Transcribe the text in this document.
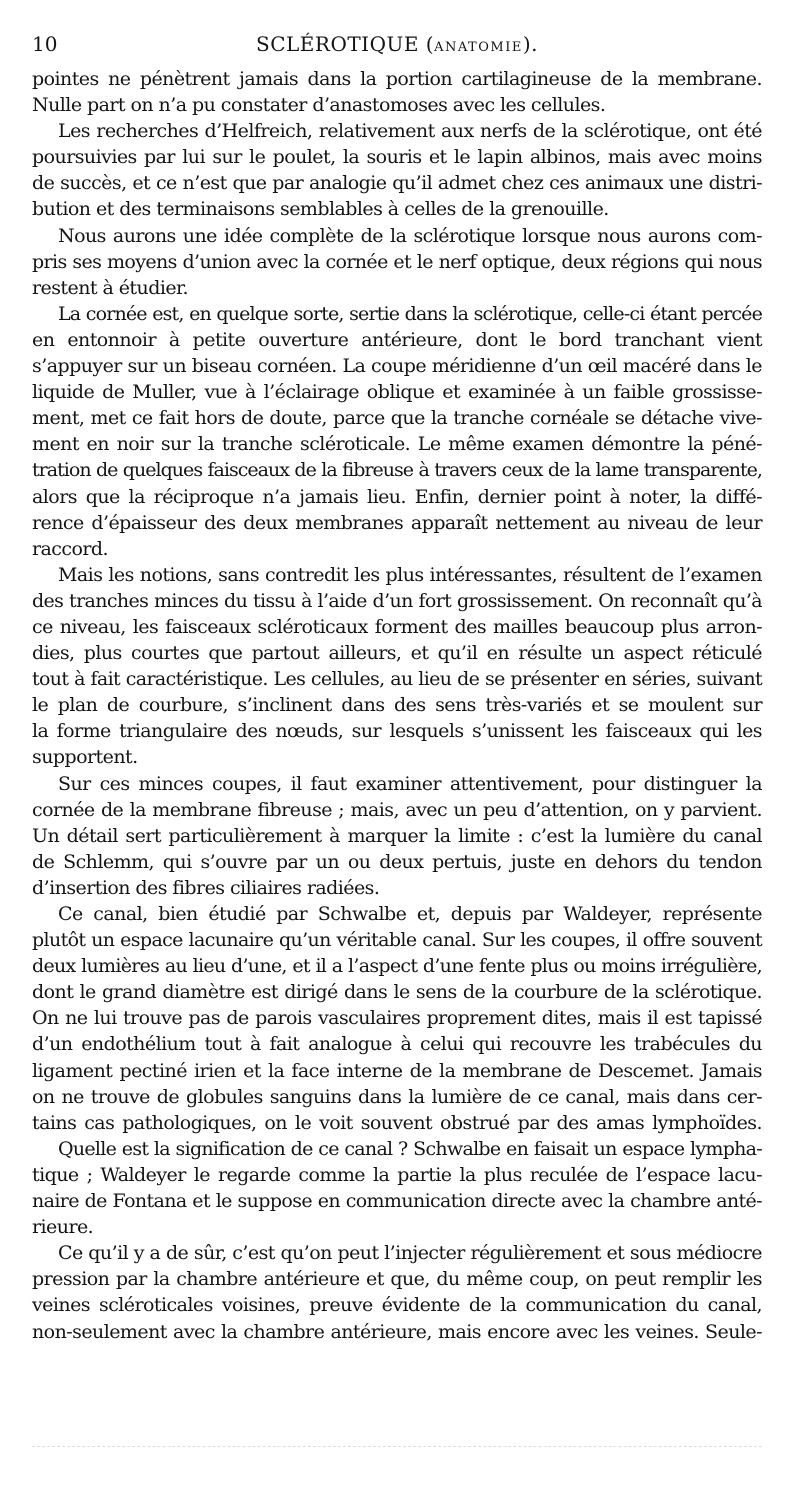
10	SCLÉROTIQUE (ANATOMIE).
pointes ne pénètrent jamais dans la portion cartilagineuse de la membrane.
Nulle part on n’a pu constater d’anastomoses avec les cellules.
Les recherches d’Helfreich, relativement aux nerfs de la sclérotique, ont été
poursuivies par lui sur le poulet, la souris et le lapin albinos, mais avec moins
de succès, et ce n’est que par analogie qu’il admet chez ces animaux une distri-
bution et des terminaisons semblables à celles de la grenouille.
Nous aurons une idée complète de la sclérotique lorsque nous aurons com-
pris ses moyens d’union avec la cornée et le nerf optique, deux régions qui nous
restent à étudier.
La cornée est, en quelque sorte, sertie dans la sclérotique, celle-ci étant percée
en entonnoir à petite ouverture antérieure, dont le bord tranchant vient
s’appuyer sur un biseau cornéen. La coupe méridienne d’un œil macéré dans le
liquide de Muller, vue à l’éclairage oblique et examinée à un faible grossisse-
ment, met ce fait hors de doute, parce que la tranche cornéale se détache vive-
ment en noir sur la tranche scléroticale. Le même examen démontre la péné-
tration de quelques faisceaux de la fibreuse à travers ceux de la lame transparente,
alors que la réciproque n’a jamais lieu. Enfin, dernier point à noter, la diffé-
rence d’épaisseur des deux membranes apparaît nettement au niveau de leur
raccord.
Mais les notions, sans contredit les plus intéressantes, résultent de l’examen
des tranches minces du tissu à l’aide d’un fort grossissement. On reconnaît qu’à
ce niveau, les faisceaux scléroticaux forment des mailles beaucoup plus arron-
dies, plus courtes que partout ailleurs, et qu’il en résulte un aspect réticulé
tout à fait caractéristique. Les cellules, au lieu de se présenter en séries, suivant
le plan de courbure, s’inclinent dans des sens très-variés et se moulent sur
la forme triangulaire des nœuds, sur lesquels s’unissent les faisceaux qui les
supportent.
Sur ces minces coupes, il faut examiner attentivement, pour distinguer la
cornée de la membrane fibreuse ; mais, avec un peu d’attention, on y parvient.
Un détail sert particulièrement à marquer la limite : c’est la lumière du canal
de Schlemm, qui s’ouvre par un ou deux pertuis, juste en dehors du tendon
d’insertion des fibres ciliaires radiées.
Ce canal, bien étudié par Schwalbe et, depuis par Waldeyer, représente
plutôt un espace lacunaire qu’un véritable canal. Sur les coupes, il offre souvent
deux lumières au lieu d’une, et il a l’aspect d’une fente plus ou moins irrégulière,
dont le grand diamètre est dirigé dans le sens de la courbure de la sclérotique.
On ne lui trouve pas de parois vasculaires proprement dites, mais il est tapissé
d’un endothélium tout à fait analogue à celui qui recouvre les trabécules du
ligament pectiné irien et la face interne de la membrane de Descemet. Jamais
on ne trouve de globules sanguins dans la lumière de ce canal, mais dans cer-
tains cas pathologiques, on le voit souvent obstrué par des amas lymphoïdes.
Quelle est la signification de ce canal ? Schwalbe en faisait un espace lympha-
tique ; Waldeyer le regarde comme la partie la plus reculée de l’espace lacu-
naire de Fontana et le suppose en communication directe avec la chambre anté-
rieure.
Ce qu’il y a de sûr, c’est qu’on peut l’injecter régulièrement et sous médiocre
pression par la chambre antérieure et que, du même coup, on peut remplir les
veines scléroticales voisines, preuve évidente de la communication du canal,
non-seulement avec la chambre antérieure, mais encore avec les veines. Seule-
